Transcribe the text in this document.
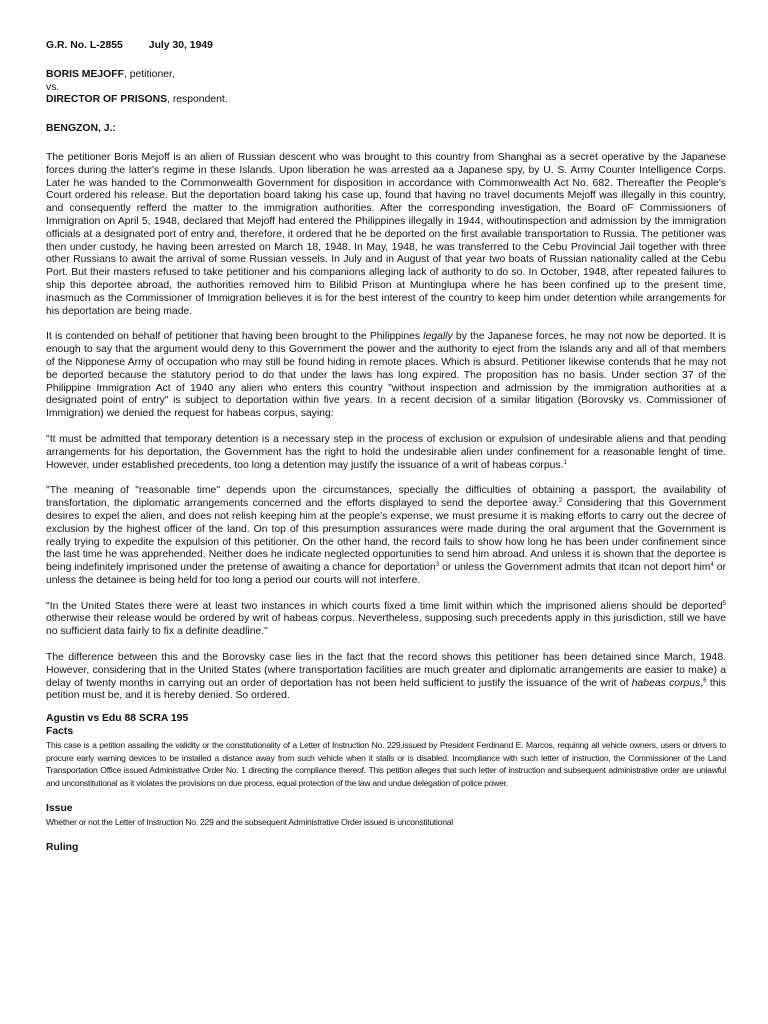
G.R. No. L-2855	July 30, 1949

BORIS MEJOFF, petitioner,

vs.

DIRECTOR OF PRISONS, respondent.

BENGZON, J.:

The petitioner Boris Mejoff is an alien of Russian descent who was brought to this country from Shanghai as a secret operative by the Japanese forces during the latter's regime in these Islands. Upon liberation he was arrested aa a Japanese spy, by U. S. Army Counter Intelligence Corps. Later he was handed to the Commonwealth Government for disposition in accordance with Commonwealth Act No. 682. Thereafter the People's Court ordered his release. But the deportation board taking his case up, found that having no travel documents Mejoff was illegally in this country, and consequently refferd the matter to the immigration authorities. After the corresponding investigation, the Board oF Commissioners of Immigration on April 5, 1948, declared that Mejoff had entered the Philippines illegally in 1944, withoutinspection and admission by the immigration officials at a designated port of entry and, therefore, it ordered that he be deported on the first available transportation to Russia. The petitioner was then under custody, he having been arrested on March 18, 1948. In May, 1948, he was transferred to the Cebu Provincial Jail together with three other Russians to await the arrival of some Russian vessels. In July and in August of that year two boats of Russian nationality called at the Cebu Port. But their masters refused to take petitioner and his companions alleging lack of authority to do so. In October, 1948, after repeated failures to ship this deportee abroad, the authorities removed him to Bilibid Prison at Muntinglupa where he has been confined up to the present time, inasmuch as the Commissioner of Immigration believes it is for the best interest of the country to keep him under detention while arrangements for his deportation are being made.

It is contended on behalf of petitioner that having been brought to the Philippines legally by the Japanese forces, he may not now be deported. It is enough to say that the argument would deny to this Government the power and the authority to eject from the Islands any and all of that members of the Nipponese Army of occupation who may still be found hiding in remote places. Which is absurd. Petitioner likewise contends that he may not be deported because the statutory period to do that under the laws has long expired. The proposition has no basis. Under section 37 of the Philippine Immigration Act of 1940 any alien who enters this country "without inspection and admission by the immigration authorities at a designated point of entry" is subject to deportation within five years. In a recent decision of a similar litigation (Borovsky vs. Commissioner of Immigration) we denied the request for habeas corpus, saying:

"It must be admitted that temporary detention is a necessary step in the process of exclusion or expulsion of undesirable aliens and that pending arrangements for his deportation, the Government has the right to hold the undesirable alien under confinement for a reasonable lenght of time. However, under established precedents, too long a detention may justify the issuance of a writ of habeas corpus.$^1$

"The meaning of "reasonable time" depends upon the circumstances, specially the difficulties of obtaining a passport, the availability of transfortation, the diplomatic arrangements concerned and the efforts displayed to send the deportee away.$^2$ Considering that this Government desires to expel the alien, and does not relish keeping him at the people's expense, we must presume it is making efforts to carry out the decree of exclusion by the highest officer of the land. On top of this presumption assurances were made during the oral argument that the Government is really trying to expedite the expulsion of this petitioner. On the other hand, the record fails to show how long he has been under confinement since the last time he was apprehended. Neither does he indicate neglected opportunities to send him abroad. And unless it is shown that the deportee is being indefinitely imprisoned under the pretense of awaiting a chance for deportation$^3$ or unless the Government admits that itcan not deport him$^4$ or unless the detainee is being held for too long a period our courts will not interfere.

"In the United States there were at least two instances in which courts fixed a time limit within which the imprisoned aliens should be deported$^5$ otherwise their release would be ordered by writ of habeas corpus. Nevertheless, supposing such precedents apply in this jurisdiction, still we have no sufficient data fairly to fix a definite deadline."

The difference between this and the Borovsky case lies in the fact that the record shows this petitioner has been detained since March, 1948. However, considering that in the United States (where transportation facilities are much greater and diplomatic arrangements are easier to make) a delay of twenty months in carrying out an order of deportation has not been held sufficient to justify the issuance of the writ of habeas corpus,$^6$ this petition must be, and it is hereby denied. So ordered.

Agustin vs Edu 88 SCRA 195

Facts

This case is a petition assailing the validity or the constitutionality of a Letter of Instruction No. 229,issued by President Ferdinand E. Marcos, requiring all vehicle owners, users or drivers to procure early warning devices to be installed a distance away from such vehicle when it stalls or is disabled. Incompliance with such letter of instruction, the Commissioner of the Land Transportation Office issued Administrative Order No. 1 directing the compliance thereof. This petition alleges that such letter of instruction and subsequent administrative order are unlawful and unconstitutional as it violates the provisions on due process, equal protection of the law and undue delegation of police power.

Issue

Whether or not the Letter of Instruction No. 229 and the subsequent Administrative Order issued is unconstitutional

Ruling
